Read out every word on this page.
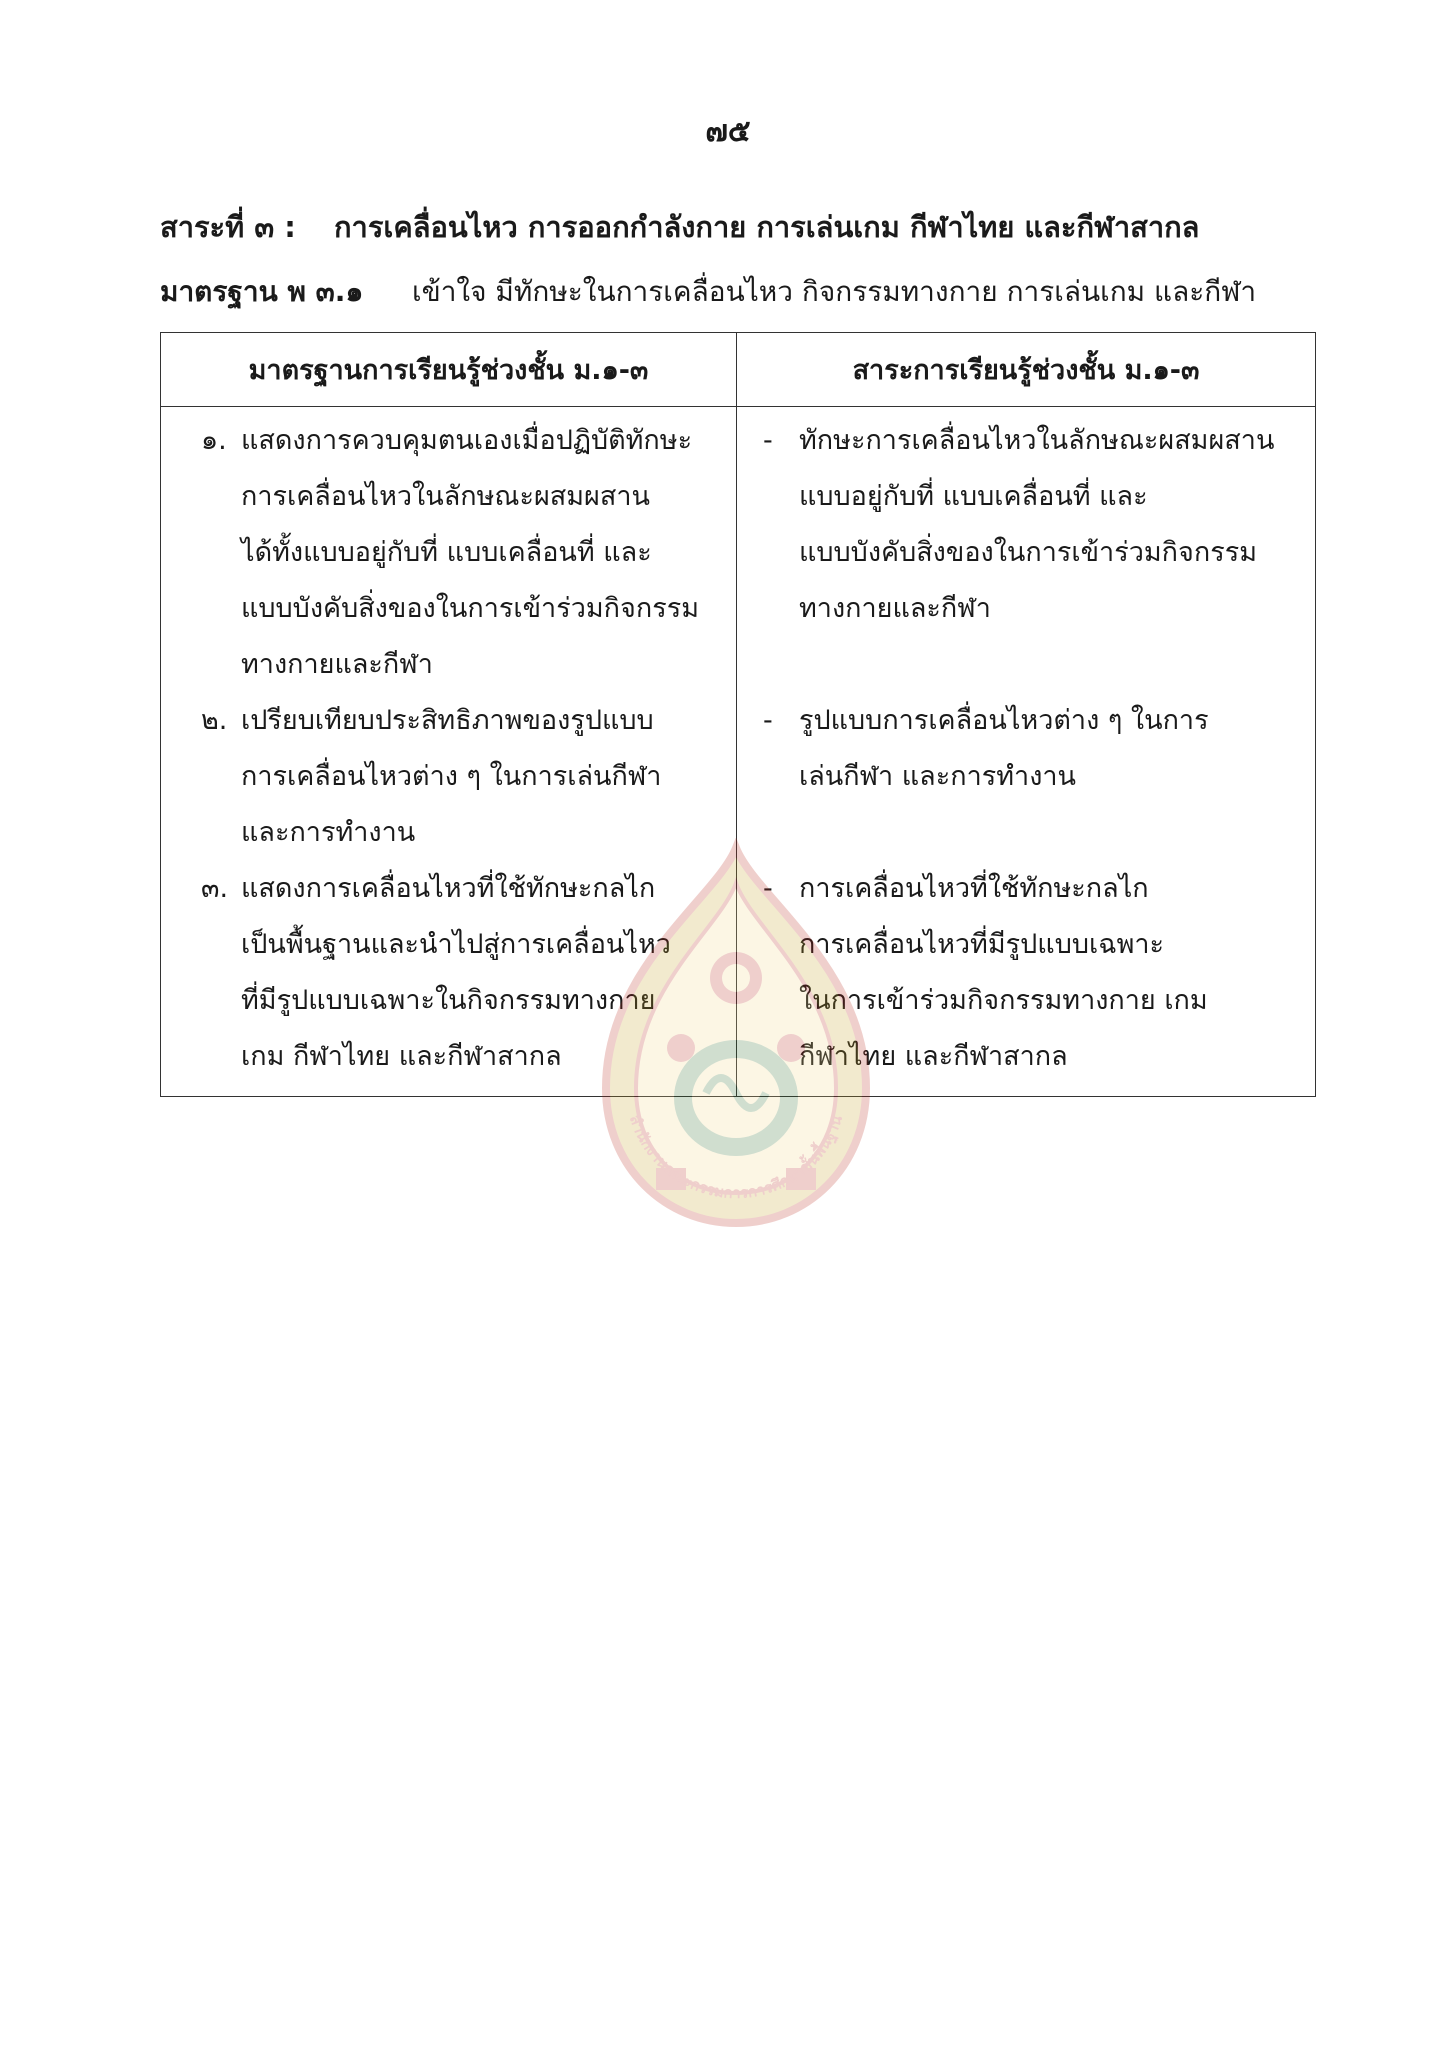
๗๕
สาระที่ ๓ : การเคลื่อนไหว การออกกำลังกาย การเล่นเกม กีฬาไทย และกีฬาสากล
มาตรฐาน พ ๓.๑ เข้าใจ มีทักษะในการเคลื่อนไหว กิจกรรมทางกาย การเล่นเกม และกีฬา
มาตรฐานการเรียนรู้ช่วงชั้น ม.๑-๓	สาระการเรียนรู้ช่วงชั้น ม.๑-๓
๑. แสดงการควบคุมตนเองเมื่อปฏิบัติทักษะ
การเคลื่อนไหวในลักษณะผสมผสาน
ได้ทั้งแบบอยู่กับที่ แบบเคลื่อนที่ และ
แบบบังคับสิ่งของในการเข้าร่วมกิจกรรม
ทางกายและกีฬา
๒. เปรียบเทียบประสิทธิภาพของรูปแบบ
การเคลื่อนไหวต่าง ๆ ในการเล่นกีฬา
และการทำงาน
๓. แสดงการเคลื่อนไหวที่ใช้ทักษะกลไก
เป็นพื้นฐานและนำไปสู่การเคลื่อนไหว
ที่มีรูปแบบเฉพาะในกิจกรรมทางกาย
เกม กีฬาไทย และกีฬาสากล
- ทักษะการเคลื่อนไหวในลักษณะผสมผสาน
แบบอยู่กับที่ แบบเคลื่อนที่ และ
แบบบังคับสิ่งของในการเข้าร่วมกิจกรรม
ทางกายและกีฬา
- รูปแบบการเคลื่อนไหวต่าง ๆ ในการ
เล่นกีฬา และการทำงาน
- การเคลื่อนไหวที่ใช้ทักษะกลไก
การเคลื่อนไหวที่มีรูปแบบเฉพาะ
ในการเข้าร่วมกิจกรรมทางกาย เกม
กีฬาไทย และกีฬาสากล
สำนักงานคณะกรรมการการศึกษาขั้นพื้นฐาน
